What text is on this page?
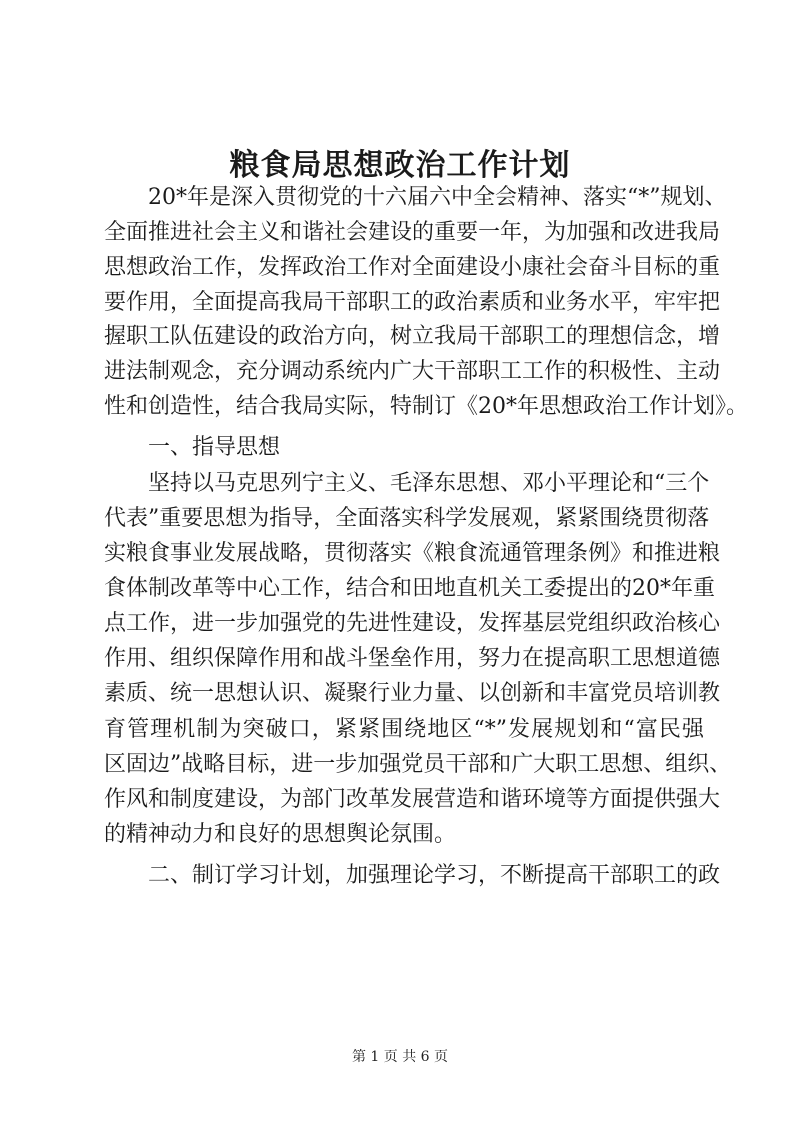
粮食局思想政治工作计划
　　20*年是深入贯彻党的十六届六中全会精神、落实“*”规划、
全面推进社会主义和谐社会建设的重要一年，为加强和改进我局
思想政治工作，发挥政治工作对全面建设小康社会奋斗目标的重
要作用，全面提高我局干部职工的政治素质和业务水平，牢牢把
握职工队伍建设的政治方向，树立我局干部职工的理想信念，增
进法制观念，充分调动系统内广大干部职工工作的积极性、主动
性和创造性，结合我局实际，特制订《20*年思想政治工作计划》。
　　一、指导思想
　　坚持以马克思列宁主义、毛泽东思想、邓小平理论和“三个
代表”重要思想为指导，全面落实科学发展观，紧紧围绕贯彻落
实粮食事业发展战略，贯彻落实《粮食流通管理条例》和推进粮
食体制改革等中心工作，结合和田地直机关工委提出的20*年重
点工作，进一步加强党的先进性建设，发挥基层党组织政治核心
作用、组织保障作用和战斗堡垒作用，努力在提高职工思想道德
素质、统一思想认识、凝聚行业力量、以创新和丰富党员培训教
育管理机制为突破口，紧紧围绕地区“*”发展规划和“富民强
区固边”战略目标，进一步加强党员干部和广大职工思想、组织、
作风和制度建设，为部门改革发展营造和谐环境等方面提供强大
的精神动力和良好的思想舆论氛围。
　　二、制订学习计划，加强理论学习，不断提高干部职工的政
第 1 页 共 6 页
